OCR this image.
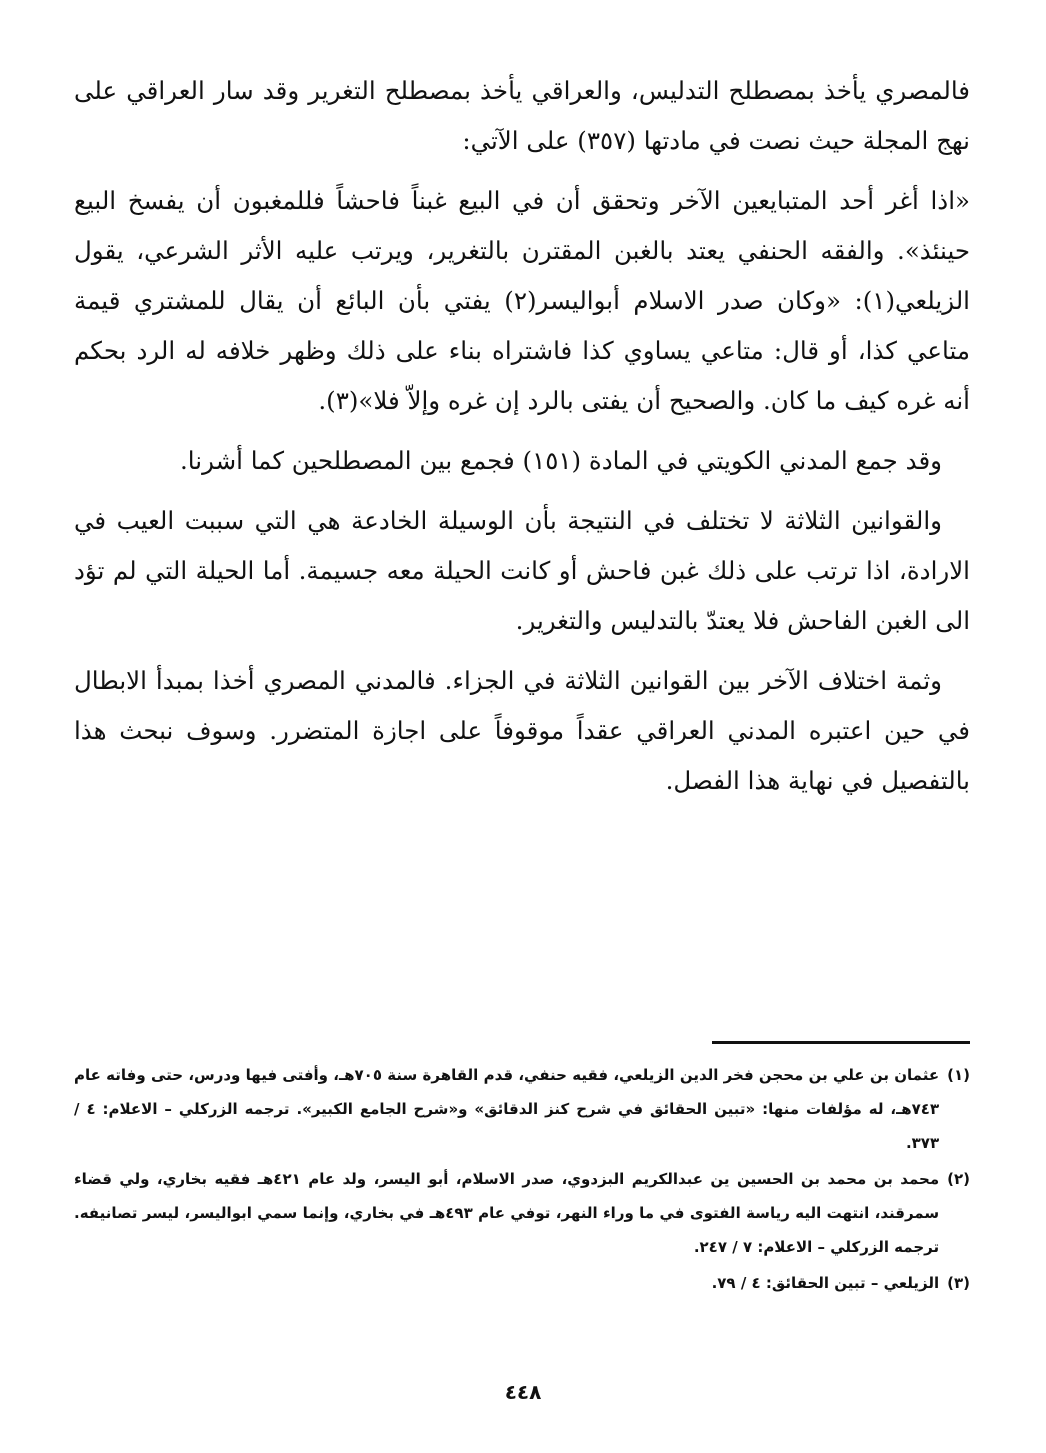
فالمصري يأخذ بمصطلح التدليس، والعراقي يأخذ بمصطلح التغرير وقد سار العراقي على نهج المجلة حيث نصت في مادتها (٣٥٧) على الآتي:

«اذا أغر أحد المتبايعين الآخر وتحقق أن في البيع غبناً فاحشاً فللمغبون أن يفسخ البيع حينئذ». والفقه الحنفي يعتد بالغبن المقترن بالتغرير، ويرتب عليه الأثر الشرعي، يقول الزيلعي(١): «وكان صدر الاسلام أبواليسر(٢) يفتي بأن البائع أن يقال للمشتري قيمة متاعي كذا، أو قال: متاعي يساوي كذا فاشتراه بناء على ذلك وظهر خلافه له الرد بحكم أنه غره كيف ما كان. والصحيح أن يفتى بالرد إن غره وإلاّ فلا»(٣).

وقد جمع المدني الكويتي في المادة (١٥١) فجمع بين المصطلحين كما أشرنا.

والقوانين الثلاثة لا تختلف في النتيجة بأن الوسيلة الخادعة هي التي سببت العيب في الارادة، اذا ترتب على ذلك غبن فاحش أو كانت الحيلة معه جسيمة. أما الحيلة التي لم تؤد الى الغبن الفاحش فلا يعتدّ بالتدليس والتغرير.

وثمة اختلاف الآخر بين القوانين الثلاثة في الجزاء. فالمدني المصري أخذا بمبدأ الابطال في حين اعتبره المدني العراقي عقداً موقوفاً على اجازة المتضرر. وسوف نبحث هذا بالتفصيل في نهاية هذا الفصل.

(١)
عثمان بن علي بن محجن فخر الدين الزيلعي، فقيه حنفي، قدم القاهرة سنة ٧٠٥هـ، وأفتى فيها ودرس، حتى وفاته عام ٧٤٣هـ، له مؤلفات منها: «تبين الحقائق في شرح كنز الدقائق» و«شرح الجامع الكبير». ترجمه الزركلي – الاعلام: ٤ / ٣٧٣.
(٢)
محمد بن محمد بن الحسين ين عبدالكريم البزدوي، صدر الاسلام، أبو اليسر، ولد عام ٤٢١هـ فقيه بخاري، ولي قضاء سمرقند، انتهت اليه رياسة الفتوى في ما وراء النهر، توفي عام ٤٩٣هـ في بخاري، وإنما سمي ابواليسر، ليسر تصانيفه. ترجمه الزركلي – الاعلام: ٧ / ٢٤٧.
(٣)
الزيلعي – تبين الحقائق: ٤ / ٧٩.
٤٤٨
